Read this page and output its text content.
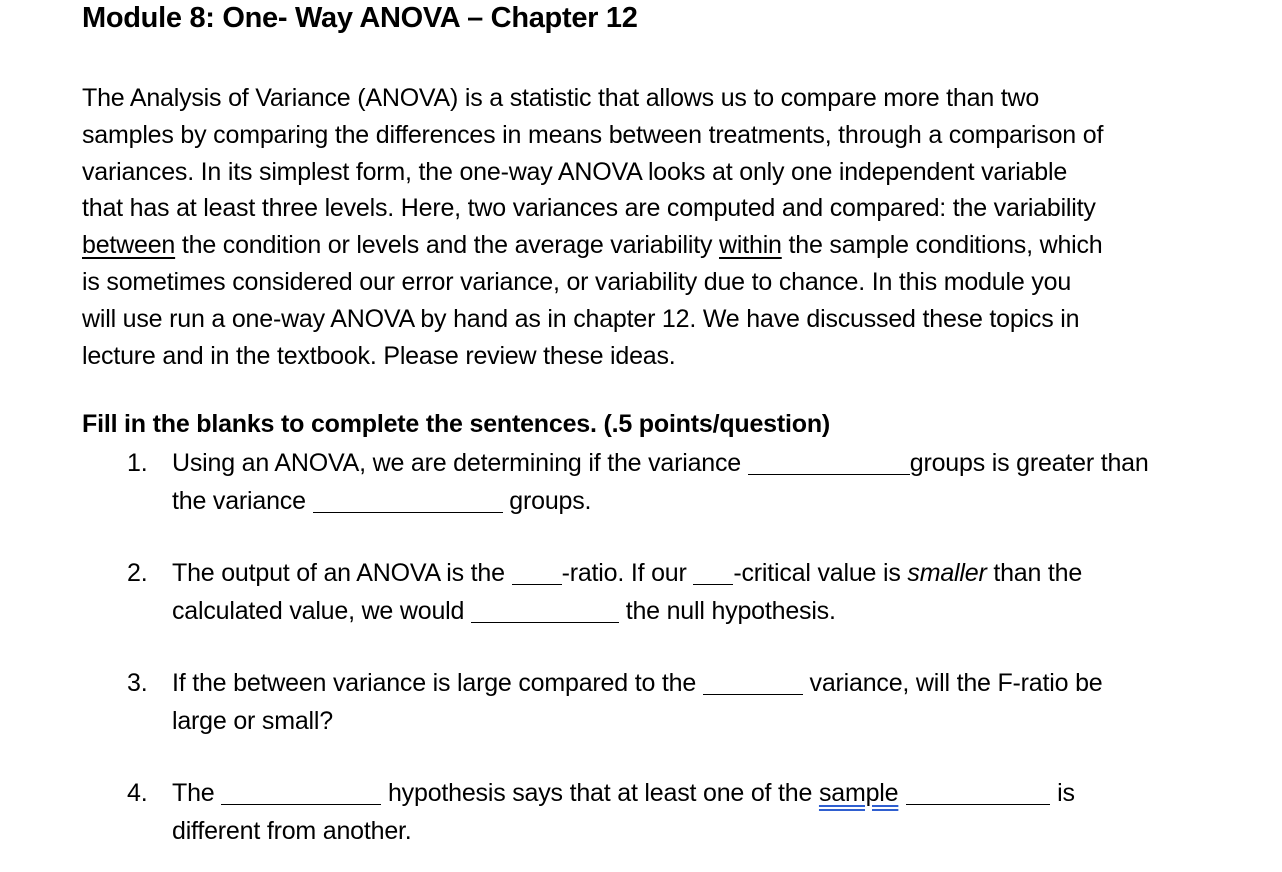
Module 8: One- Way ANOVA – Chapter 12

The Analysis of Variance (ANOVA) is a statistic that allows us to compare more than two
samples by comparing the differences in means between treatments, through a comparison of
variances. In its simplest form, the one-way ANOVA looks at only one independent variable
that has at least three levels. Here, two variances are computed and compared: the variability
between the condition or levels and the average variability within the sample conditions, which
is sometimes considered our error variance, or variability due to chance. In this module you
will use run a one-way ANOVA by hand as in chapter 12. We have discussed these topics in
lecture and in the textbook. Please review these ideas.

Fill in the blanks to complete the sentences. (.5 points/question)
1. Using an ANOVA, we are determining if the variance	groups is greater than
the variance	groups.
2. The output of an ANOVA is the -ratio. If our -critical value is smaller than the
calculated value, we would	the null hypothesis.
3. If the between variance is large compared to the	variance, will the F-ratio be
large or small?
4. The	hypothesis says that at least one of the sample	is
different from another.
